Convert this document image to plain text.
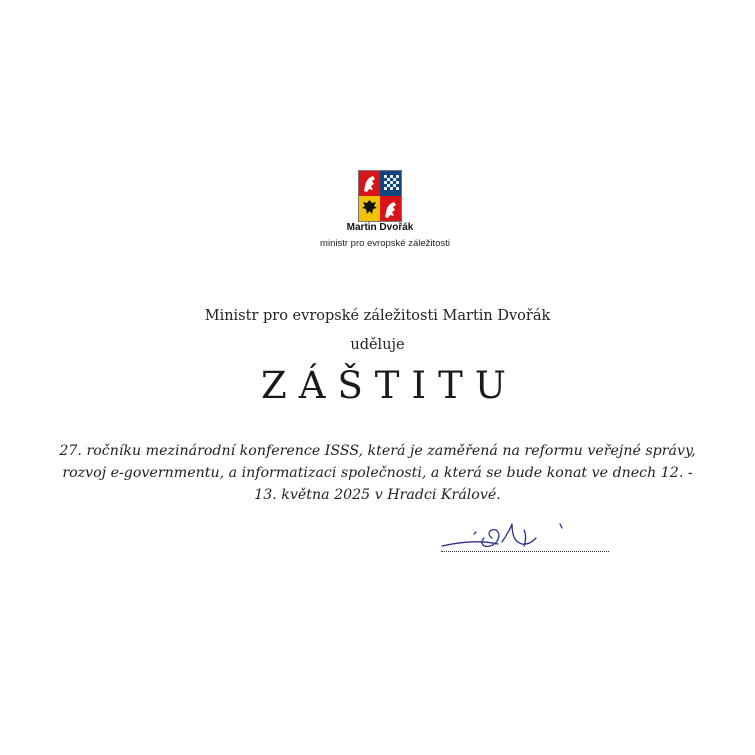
Martin Dvořák
ministr pro evropské záležitosti
Ministr pro evropské záležitosti Martin Dvořák
uděluje
ZÁŠTITU
27. ročníku mezinárodní konference ISSS, která je zaměřená na reformu veřejné správy, rozvoj e-governmentu, a informatizaci společnosti, a která se bude konat ve dnech 12. - 13. května 2025 v Hradci Králové.
